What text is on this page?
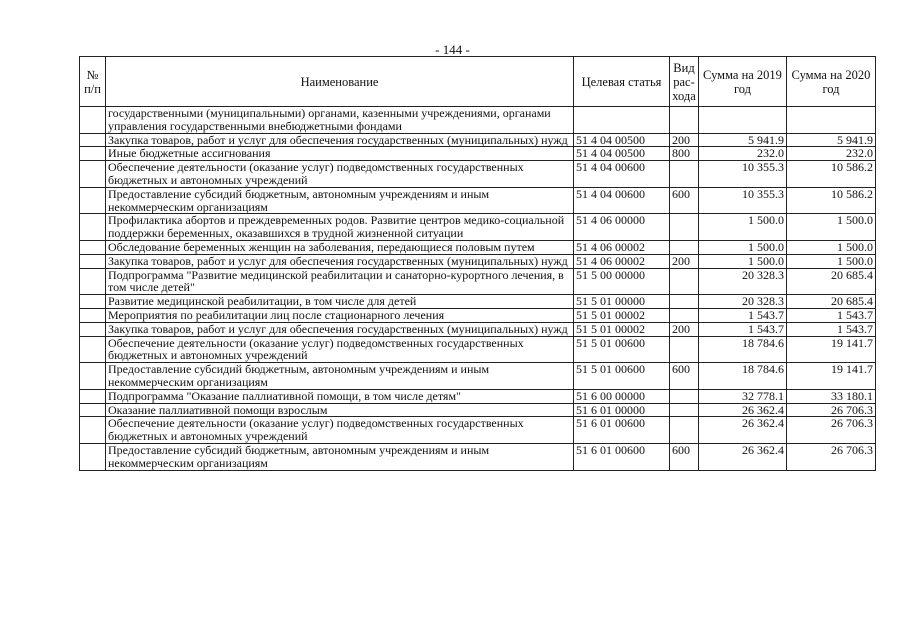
- 144 -
№ п/п	Наименование	Целевая статья	Вид рас-хода	Сумма на 2019 год	Сумма на 2020 год
	государственными (муниципальными) органами, казенными учреждениями, органами управления государственными внебюджетными фондами				
	Закупка товаров, работ и услуг для обеспечения государственных (муниципальных) нужд	51 4 04 00500	200	5 941.9	5 941.9
	Иные бюджетные ассигнования	51 4 04 00500	800	232.0	232.0
	Обеспечение деятельности (оказание услуг) подведомственных государственных бюджетных и автономных учреждений	51 4 04 00600		10 355.3	10 586.2
	Предоставление субсидий бюджетным, автономным учреждениям и иным некоммерческим организациям	51 4 04 00600	600	10 355.3	10 586.2
	Профилактика абортов и преждевременных родов. Развитие центров медико-социальной поддержки беременных, оказавшихся в трудной жизненной ситуации	51 4 06 00000		1 500.0	1 500.0
	Обследование беременных женщин на заболевания, передающиеся половым путем	51 4 06 00002		1 500.0	1 500.0
	Закупка товаров, работ и услуг для обеспечения государственных (муниципальных) нужд	51 4 06 00002	200	1 500.0	1 500.0
	Подпрограмма "Развитие медицинской реабилитации и санаторно-курортного лечения, в том числе детей"	51 5 00 00000		20 328.3	20 685.4
	Развитие медицинской реабилитации, в том числе для детей	51 5 01 00000		20 328.3	20 685.4
	Мероприятия по реабилитации лиц после стационарного лечения	51 5 01 00002		1 543.7	1 543.7
	Закупка товаров, работ и услуг для обеспечения государственных (муниципальных) нужд	51 5 01 00002	200	1 543.7	1 543.7
	Обеспечение деятельности (оказание услуг) подведомственных государственных бюджетных и автономных учреждений	51 5 01 00600		18 784.6	19 141.7
	Предоставление субсидий бюджетным, автономным учреждениям и иным некоммерческим организациям	51 5 01 00600	600	18 784.6	19 141.7
	Подпрограмма "Оказание паллиативной помощи, в том числе детям"	51 6 00 00000		32 778.1	33 180.1
	Оказание паллиативной помощи взрослым	51 6 01 00000		26 362.4	26 706.3
	Обеспечение деятельности (оказание услуг) подведомственных государственных бюджетных и автономных учреждений	51 6 01 00600		26 362.4	26 706.3
	Предоставление субсидий бюджетным, автономным учреждениям и иным некоммерческим организациям	51 6 01 00600	600	26 362.4	26 706.3
